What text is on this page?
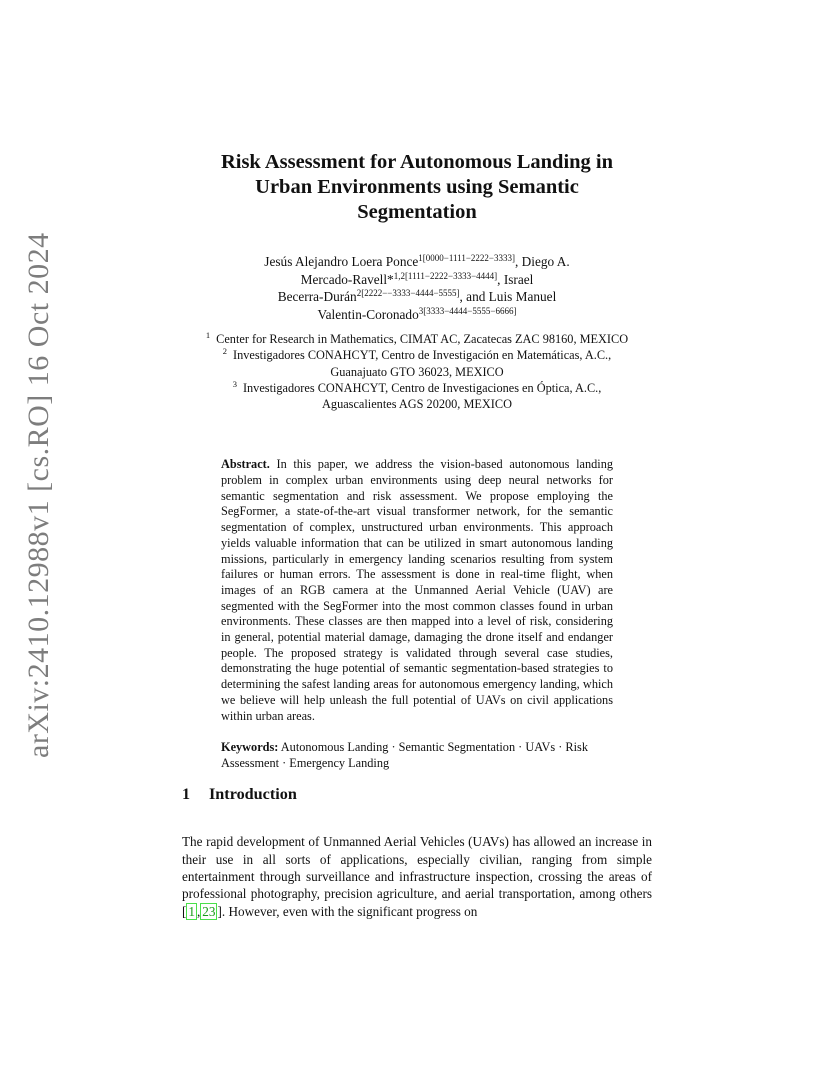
arXiv:2410.12988v1 [cs.RO] 16 Oct 2024
Risk Assessment for Autonomous Landing in
Urban Environments using Semantic
Segmentation
Jesús Alejandro Loera Ponce$^{1[0000-1111-2222-3333]}$, Diego A.
Mercado-Ravell*$^{1,2[1111-2222-3333-4444]}$, Israel
Becerra-Durán$^{2[2222--3333-4444-5555]}$, and Luis Manuel
Valentin-Coronado$^{3[3333-4444-5555-6666]}$
$^1$ Center for Research in Mathematics, CIMAT AC, Zacatecas ZAC 98160, MEXICO
$^2$ Investigadores CONAHCYT, Centro de Investigación en Matemáticas, A.C.,
Guanajuato GTO 36023, MEXICO
$^3$ Investigadores CONAHCYT, Centro de Investigaciones en Óptica, A.C.,
Aguascalientes AGS 20200, MEXICO

Abstract. In this paper, we address the vision-based autonomous landing problem in complex urban environments using deep neural networks for semantic segmentation and risk assessment. We propose employing the SegFormer, a state-of-the-art visual transformer network, for the semantic segmentation of complex, unstructured urban environments. This approach yields valuable information that can be utilized in smart autonomous landing missions, particularly in emergency landing scenarios resulting from system failures or human errors. The assessment is done in real-time flight, when images of an RGB camera at the Unmanned Aerial Vehicle (UAV) are segmented with the SegFormer into the most common classes found in urban environments. These classes are then mapped into a level of risk, considering in general, potential material damage, damaging the drone itself and endanger people. The proposed strategy is validated through several case studies, demonstrating the huge potential of semantic segmentation-based strategies to determining the safest landing areas for autonomous emergency landing, which we believe will help unleash the full potential of UAVs on civil applications within urban areas.

Keywords: Autonomous Landing · Semantic Segmentation · UAVs · Risk Assessment · Emergency Landing

1 Introduction

The rapid development of Unmanned Aerial Vehicles (UAVs) has allowed an increase in their use in all sorts of applications, especially civilian, ranging from simple entertainment through surveillance and infrastructure inspection, crossing the areas of professional photography, precision agriculture, and aerial transportation, among others [ 1 , 23 ]. However, even with the significant progress on
